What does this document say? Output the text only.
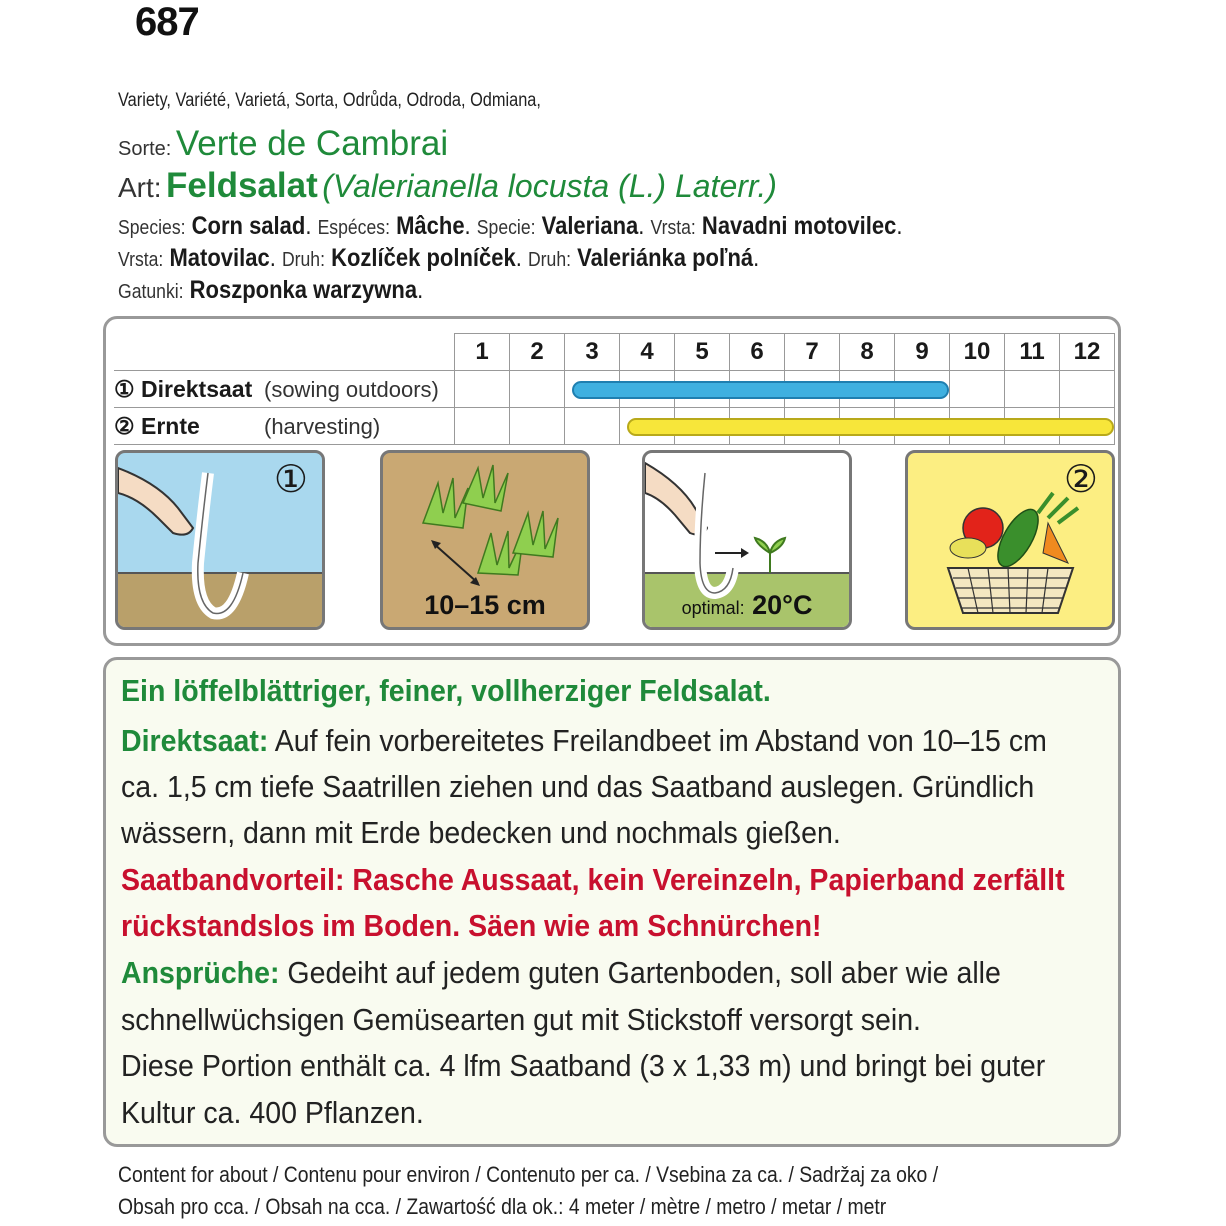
687
Variety, Variété, Varietá, Sorta, Odrůda, Odroda, Odmiana,
Sorte: Verte de Cambrai
Art: Feldsalat (Valerianella locusta (L.) Laterr.)
Species: Corn salad. Espéces: Mâche. Specie: Valeriana. Vrsta: Navadni motovilec.
Vrsta: Matovilac. Druh: Kozlíček polníček. Druh: Valeriánka poľná.
Gatunki: Roszponka warzywna.
	1	2	3	4	5	6	7	8	9	10	11	12
① Direktsaat (sowing outdoors)												
② Ernte (harvesting)												
①
10–15 cm	optimal: 20°C
②
Ein löffelblättriger, feiner, vollherziger Feldsalat.
Direktsaat: Auf fein vorbereitetes Freilandbeet im Abstand von 10–15 cm
ca. 1,5 cm tiefe Saatrillen ziehen und das Saatband auslegen. Gründlich
wässern, dann mit Erde bedecken und nochmals gießen.
Saatbandvorteil: Rasche Aussaat, kein Vereinzeln, Papierband zerfällt
rückstandslos im Boden. Säen wie am Schnürchen!
Ansprüche: Gedeiht auf jedem guten Gartenboden, soll aber wie alle
schnellwüchsigen Gemüsearten gut mit Stickstoff versorgt sein.
Diese Portion enthält ca. 4 lfm Saatband (3 x 1,33 m) und bringt bei guter
Kultur ca. 400 Pflanzen.
Content for about / Contenu pour environ / Contenuto per ca. / Vsebina za ca. / Sadržaj za oko /
Obsah pro cca. / Obsah na cca. / Zawartość dla ok.: 4 meter / mètre / metro / metar / metr
